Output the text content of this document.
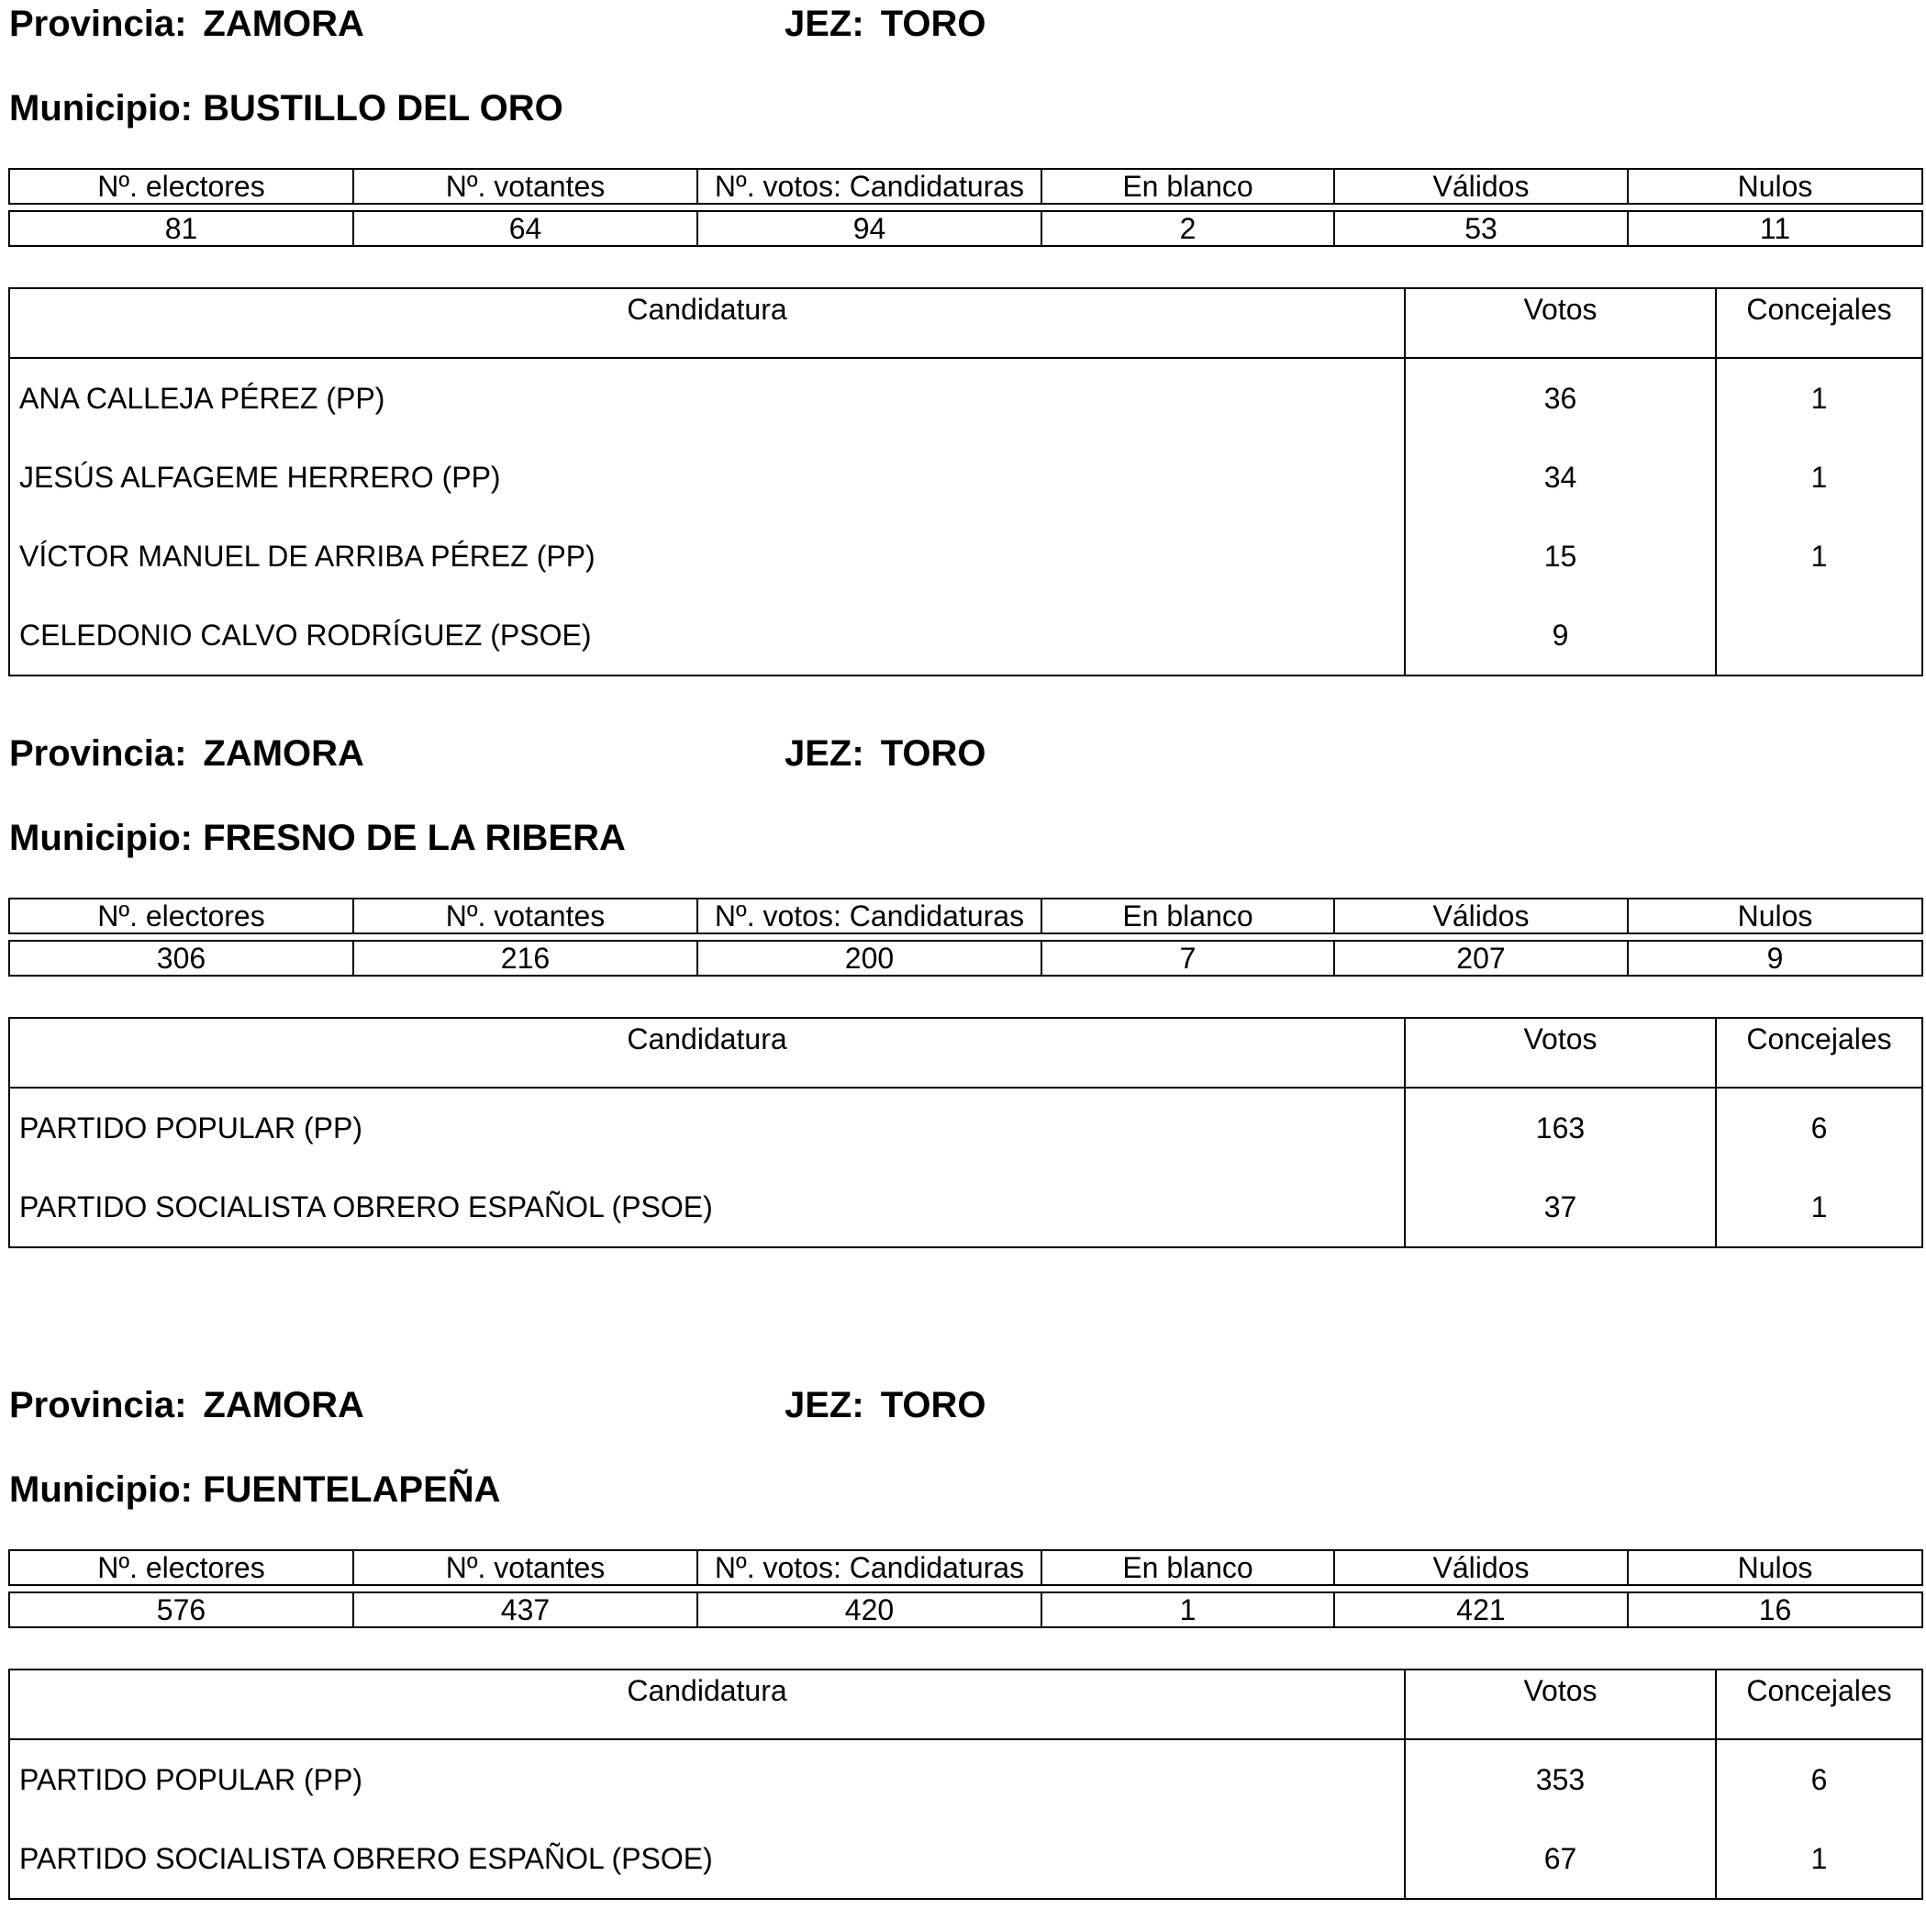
Provincia: ZAMORA	JEZ: TORO
Municipio: BUSTILLO DEL ORO
Nº. electores	Nº. votantes	Nº. votos: Candidaturas	En blanco	Válidos	Nulos

81	64	94	2	53	11
Candidatura	Votos	Concejales
ANA CALLEJA PÉREZ (PP)	36	1
JESÚS ALFAGEME HERRERO (PP)	34	1
VÍCTOR MANUEL DE ARRIBA PÉREZ (PP)	15	1
CELEDONIO CALVO RODRÍGUEZ (PSOE)	9	
Provincia: ZAMORA	JEZ: TORO
Municipio: FRESNO DE LA RIBERA
Nº. electores	Nº. votantes	Nº. votos: Candidaturas	En blanco	Válidos	Nulos

306	216	200	7	207	9
Candidatura	Votos	Concejales
PARTIDO POPULAR (PP)	163	6
PARTIDO SOCIALISTA OBRERO ESPAÑOL (PSOE)	37	1
Provincia: ZAMORA	JEZ: TORO
Municipio: FUENTELAPEÑA
Nº. electores	Nº. votantes	Nº. votos: Candidaturas	En blanco	Válidos	Nulos

576	437	420	1	421	16
Candidatura	Votos	Concejales
PARTIDO POPULAR (PP)	353	6
PARTIDO SOCIALISTA OBRERO ESPAÑOL (PSOE)	67	1
